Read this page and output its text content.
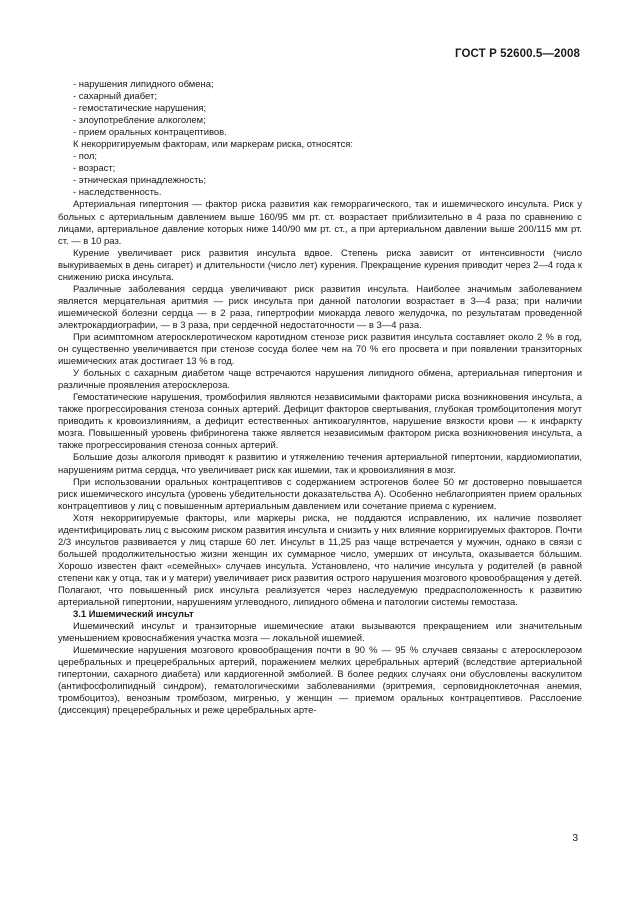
ГОСТ Р 52600.5—2008

- нарушения липидного обмена;

- сахарный диабет;

- гемостатические нарушения;

- злоупотребление алкоголем;

- прием оральных контрацептивов.

К некорригируемым факторам, или маркерам риска, относятся:

- пол;

- возраст;

- этническая принадлежность;

- наследственность.

Артериальная гипертония — фактор риска развития как геморрагического, так и ишемического инсульта. Риск у больных с артериальным давлением выше 160/95 мм рт. ст. возрастает приблизительно в 4 раза по сравнению с лицами, артериальное давление которых ниже 140/90 мм рт. ст., а при артериальном давлении выше 200/115 мм рт. ст. — в 10 раз.

Курение увеличивает риск развития инсульта вдвое. Степень риска зависит от интенсивности (число выкуриваемых в день сигарет) и длительности (число лет) курения. Прекращение курения приводит через 2—4 года к снижению риска инсульта.

Различные заболевания сердца увеличивают риск развития инсульта. Наиболее значимым заболеванием является мерцательная аритмия — риск инсульта при данной патологии возрастает в 3—4 раза; при наличии ишемической болезни сердца — в 2 раза, гипертрофии миокарда левого желудочка, по результатам проведенной электрокардиографии, — в 3 раза, при сердечной недостаточности — в 3—4 раза.

При асимптомном атеросклеротическом каротидном стенозе риск развития инсульта составляет около 2 % в год, он существенно увеличивается при стенозе сосуда более чем на 70 % его просвета и при появлении транзиторных ишемических атак достигает 13 % в год.

У больных с сахарным диабетом чаще встречаются нарушения липидного обмена, артериальная гипертония и различные проявления атеросклероза.

Гемостатические нарушения, тромбофилия являются независимыми факторами риска возникновения инсульта, а также прогрессирования стеноза сонных артерий. Дефицит факторов свертывания, глубокая тромбоцитопения могут приводить к кровоизлияниям, а дефицит естественных антикоагулянтов, нарушение вязкости крови — к инфаркту мозга. Повышенный уровень фибриногена также является независимым фактором риска возникновения инсульта, а также прогрессирования стеноза сонных артерий.

Большие дозы алкоголя приводят к развитию и утяжелению течения артериальной гипертонии, кардиомиопатии, нарушениям ритма сердца, что увеличивает риск как ишемии, так и кровоизлияния в мозг.

При использовании оральных контрацептивов с содержанием эстрогенов более 50 мг достоверно повышается риск ишемического инсульта (уровень убедительности доказательства А). Особенно неблагоприятен прием оральных контрацептивов у лиц с повышенным артериальным давлением или сочетание приема с курением.

Хотя некорригируемые факторы, или маркеры риска, не поддаются исправлению, их наличие позволяет идентифицировать лиц с высоким риском развития инсульта и снизить у них влияние корригируемых факторов. Почти 2/3 инсультов развивается у лиц старше 60 лет. Инсульт в 11,25 раз чаще встречается у мужчин, однако в связи с большей продолжительностью жизни женщин их суммарное число, умерших от инсульта, оказывается бóльшим. Хорошо известен факт «семейных» случаев инсульта. Установлено, что наличие инсульта у родителей (в равной степени как у отца, так и у матери) увеличивает риск развития острого нарушения мозгового кровообращения у детей. Полагают, что повышенный риск инсульта реализуется через наследуемую предрасположенность к развитию артериальной гипертонии, нарушениям углеводного, липидного обмена и патологии системы гемостаза.

3.1 Ишемический инсульт

Ишемический инсульт и транзиторные ишемические атаки вызываются прекращением или значительным уменьшением кровоснабжения участка мозга — локальной ишемией.

Ишемические нарушения мозгового кровообращения почти в 90 % — 95 % случаев связаны с атеросклерозом церебральных и прецеребральных артерий, поражением мелких церебральных артерий (вследствие артериальной гипертонии, сахарного диабета) или кардиогенной эмболией. В более редких случаях они обусловлены васкулитом (антифосфолипидный синдром), гематологическими заболеваниями (эритремия, серповидноклеточная анемия, тромбоцитоз), венозным тромбозом, мигренью, у женщин — приемом оральных контрацептивов. Расслоение (диссекция) прецеребральных и реже церебральных арте-

3
